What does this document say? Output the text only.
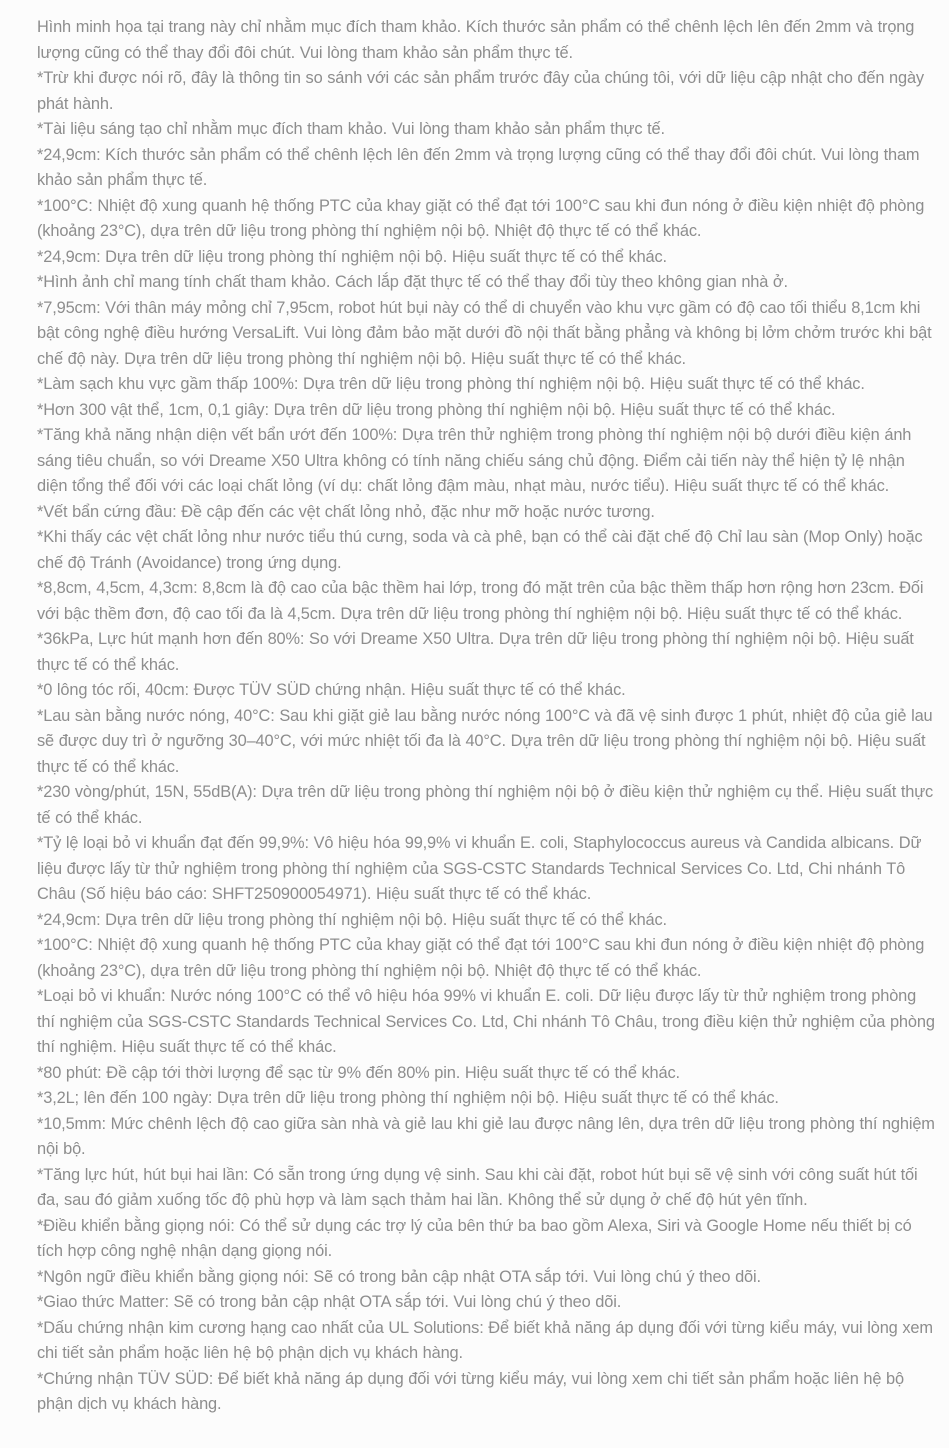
Hình minh họa tại trang này chỉ nhằm mục đích tham khảo. Kích thước sản phẩm có thể chênh lệch lên đến 2mm và trọng lượng cũng có thể thay đổi đôi chút. Vui lòng tham khảo sản phẩm thực tế.

*Trừ khi được nói rõ, đây là thông tin so sánh với các sản phẩm trước đây của chúng tôi, với dữ liệu cập nhật cho đến ngày phát hành.

*Tài liệu sáng tạo chỉ nhằm mục đích tham khảo. Vui lòng tham khảo sản phẩm thực tế.

*24,9cm: Kích thước sản phẩm có thể chênh lệch lên đến 2mm và trọng lượng cũng có thể thay đổi đôi chút. Vui lòng tham khảo sản phẩm thực tế.

*100°C: Nhiệt độ xung quanh hệ thống PTC của khay giặt có thể đạt tới 100°C sau khi đun nóng ở điều kiện nhiệt độ phòng (khoảng 23°C), dựa trên dữ liệu trong phòng thí nghiệm nội bộ. Nhiệt độ thực tế có thể khác.

*24,9cm: Dựa trên dữ liệu trong phòng thí nghiệm nội bộ. Hiệu suất thực tế có thể khác.

*Hình ảnh chỉ mang tính chất tham khảo. Cách lắp đặt thực tế có thể thay đổi tùy theo không gian nhà ở.

*7,95cm: Với thân máy mỏng chỉ 7,95cm, robot hút bụi này có thể di chuyển vào khu vực gầm có độ cao tối thiểu 8,1cm khi bật công nghệ điều hướng VersaLift. Vui lòng đảm bảo mặt dưới đồ nội thất bằng phẳng và không bị lởm chởm trước khi bật chế độ này. Dựa trên dữ liệu trong phòng thí nghiệm nội bộ. Hiệu suất thực tế có thể khác.

*Làm sạch khu vực gầm thấp 100%: Dựa trên dữ liệu trong phòng thí nghiệm nội bộ. Hiệu suất thực tế có thể khác.

*Hơn 300 vật thể, 1cm, 0,1 giây: Dựa trên dữ liệu trong phòng thí nghiệm nội bộ. Hiệu suất thực tế có thể khác.

*Tăng khả năng nhận diện vết bẩn ướt đến 100%: Dựa trên thử nghiệm trong phòng thí nghiệm nội bộ dưới điều kiện ánh sáng tiêu chuẩn, so với Dreame X50 Ultra không có tính năng chiếu sáng chủ động. Điểm cải tiến này thể hiện tỷ lệ nhận diện tổng thể đối với các loại chất lỏng (ví dụ: chất lỏng đậm màu, nhạt màu, nước tiểu). Hiệu suất thực tế có thể khác.

*Vết bẩn cứng đầu: Đề cập đến các vệt chất lỏng nhỏ, đặc như mỡ hoặc nước tương.

*Khi thấy các vệt chất lỏng như nước tiểu thú cưng, soda và cà phê, bạn có thể cài đặt chế độ Chỉ lau sàn (Mop Only) hoặc chế độ Tránh (Avoidance) trong ứng dụng.

*8,8cm, 4,5cm, 4,3cm: 8,8cm là độ cao của bậc thềm hai lớp, trong đó mặt trên của bậc thềm thấp hơn rộng hơn 23cm. Đối với bậc thềm đơn, độ cao tối đa là 4,5cm. Dựa trên dữ liệu trong phòng thí nghiệm nội bộ. Hiệu suất thực tế có thể khác.

*36kPa, Lực hút mạnh hơn đến 80%: So với Dreame X50 Ultra. Dựa trên dữ liệu trong phòng thí nghiệm nội bộ. Hiệu suất thực tế có thể khác.

*0 lông tóc rối, 40cm: Được TÜV SÜD chứng nhận. Hiệu suất thực tế có thể khác.

*Lau sàn bằng nước nóng, 40°C: Sau khi giặt giẻ lau bằng nước nóng 100°C và đã vệ sinh được 1 phút, nhiệt độ của giẻ lau sẽ được duy trì ở ngưỡng 30–40°C, với mức nhiệt tối đa là 40°C. Dựa trên dữ liệu trong phòng thí nghiệm nội bộ. Hiệu suất thực tế có thể khác.

*230 vòng/phút, 15N, 55dB(A): Dựa trên dữ liệu trong phòng thí nghiệm nội bộ ở điều kiện thử nghiệm cụ thể. Hiệu suất thực tế có thể khác.

*Tỷ lệ loại bỏ vi khuẩn đạt đến 99,9%: Vô hiệu hóa 99,9% vi khuẩn E. coli, Staphylococcus aureus và Candida albicans. Dữ liệu được lấy từ thử nghiệm trong phòng thí nghiệm của SGS-CSTC Standards Technical Services Co. Ltd, Chi nhánh Tô Châu (Số hiệu báo cáo: SHFT250900054971). Hiệu suất thực tế có thể khác.

*24,9cm: Dựa trên dữ liệu trong phòng thí nghiệm nội bộ. Hiệu suất thực tế có thể khác.

*100°C: Nhiệt độ xung quanh hệ thống PTC của khay giặt có thể đạt tới 100°C sau khi đun nóng ở điều kiện nhiệt độ phòng (khoảng 23°C), dựa trên dữ liệu trong phòng thí nghiệm nội bộ. Nhiệt độ thực tế có thể khác.

*Loại bỏ vi khuẩn: Nước nóng 100°C có thể vô hiệu hóa 99% vi khuẩn E. coli. Dữ liệu được lấy từ thử nghiệm trong phòng thí nghiệm của SGS-CSTC Standards Technical Services Co. Ltd, Chi nhánh Tô Châu, trong điều kiện thử nghiệm của phòng thí nghiệm. Hiệu suất thực tế có thể khác.

*80 phút: Đề cập tới thời lượng để sạc từ 9% đến 80% pin. Hiệu suất thực tế có thể khác.

*3,2L; lên đến 100 ngày: Dựa trên dữ liệu trong phòng thí nghiệm nội bộ. Hiệu suất thực tế có thể khác.

*10,5mm: Mức chênh lệch độ cao giữa sàn nhà và giẻ lau khi giẻ lau được nâng lên, dựa trên dữ liệu trong phòng thí nghiệm nội bộ.

*Tăng lực hút, hút bụi hai lần: Có sẵn trong ứng dụng vệ sinh. Sau khi cài đặt, robot hút bụi sẽ vệ sinh với công suất hút tối đa, sau đó giảm xuống tốc độ phù hợp và làm sạch thảm hai lần. Không thể sử dụng ở chế độ hút yên tĩnh.

*Điều khiển bằng giọng nói: Có thể sử dụng các trợ lý của bên thứ ba bao gồm Alexa, Siri và Google Home nếu thiết bị có tích hợp công nghệ nhận dạng giọng nói.

*Ngôn ngữ điều khiển bằng giọng nói: Sẽ có trong bản cập nhật OTA sắp tới. Vui lòng chú ý theo dõi.

*Giao thức Matter: Sẽ có trong bản cập nhật OTA sắp tới. Vui lòng chú ý theo dõi.

*Dấu chứng nhận kim cương hạng cao nhất của UL Solutions: Để biết khả năng áp dụng đối với từng kiểu máy, vui lòng xem chi tiết sản phẩm hoặc liên hệ bộ phận dịch vụ khách hàng.

*Chứng nhận TÜV SÜD: Để biết khả năng áp dụng đối với từng kiểu máy, vui lòng xem chi tiết sản phẩm hoặc liên hệ bộ phận dịch vụ khách hàng.
